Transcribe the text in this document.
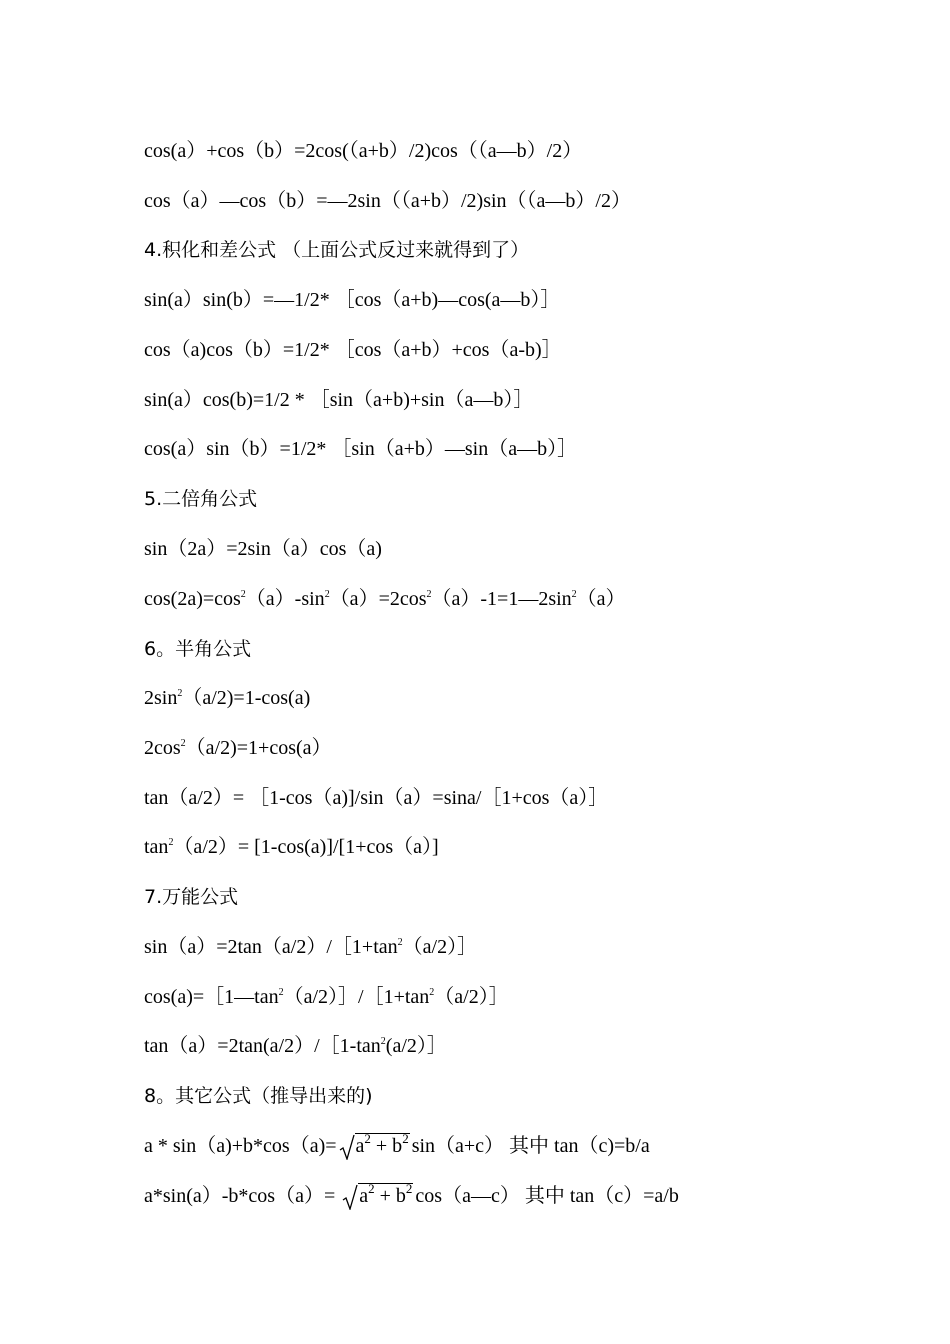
cos(a）+cos（b）=2cos(（a+b）/2)cos（（a—b）/2）
cos（a）—cos（b）=—2sin（（a+b）/2)sin（（a—b）/2）
4.积化和差公式 （上面公式反过来就得到了）
sin(a）sin(b）=—1/2* ［cos（a+b)—cos(a—b）］
cos（a)cos（b）=1/2* ［cos（a+b）+cos（a-b)］
sin(a）cos(b)=1/2 * ［sin（a+b)+sin（a—b）］
cos(a）sin（b）=1/2* ［sin（a+b）—sin（a—b）］
5.二倍角公式
sin（2a）=2sin（a）cos（a)
$\cos(2a)=\cos^2(a)-\sin^2(a)=2\cos^2(a)-1=1—2\sin^2(a)$
6。半角公式
$2\sin^2(a/2)=1-\cos(a)$
$2\cos^2(a/2)=1+\cos(a)$
tan（a/2）= ［1-cos（a)]/sin（a）=sina/［1+cos（a）］
$\tan^2(a/2)= [1-\cos(a)]/[1+\cos(a)]$
7.万能公式
$\sin(a)=2\tan(a/2)/[1+\tan^2(a/2)]$
$\cos(a)=[1—\tan^2(a/2)]/[1+\tan^2(a/2)]$
$\tan(a)=2\tan(a/2)/[1-\tan^2(a/2)]$
8。其它公式（推导出来的)
$a * \sin(a)+b*\cos(a)= a^2 + b^2$ sin（a+c） 其中 tan（c)=b/a
a*sin(a）-b*cos（a）=
$a^2 + b^2$ cos（a—c） 其中 tan（c）=a/b
